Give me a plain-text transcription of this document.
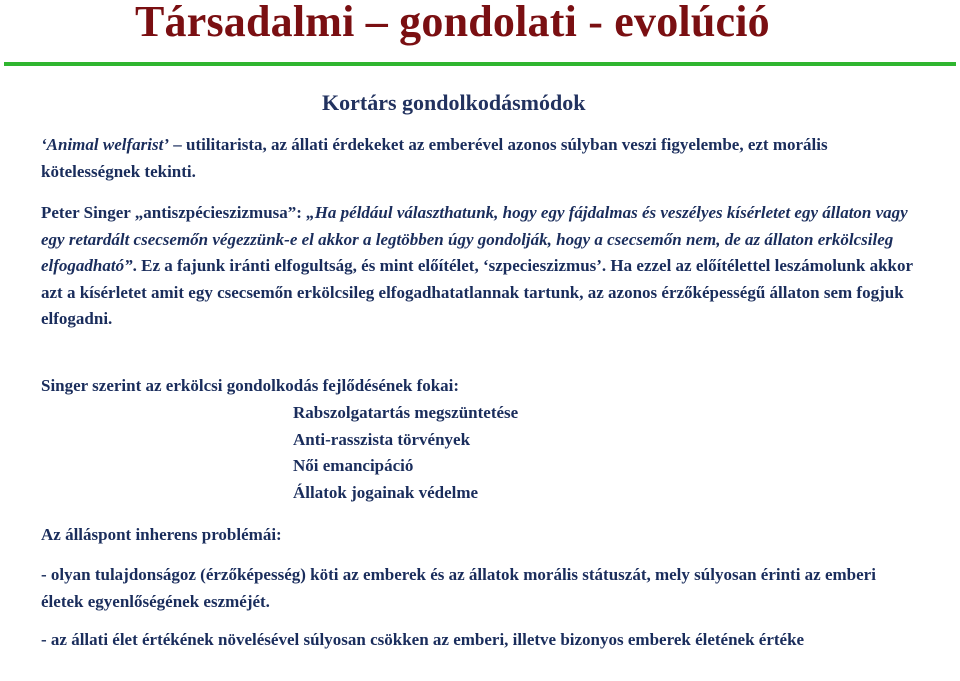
Társadalmi – gondolati - evolúció
Kortárs gondolkodásmódok
‘Animal welfarist’ – utilitarista, az állati érdekeket az emberével azonos súlyban veszi figyelembe, ezt morális kötelességnek tekinti.
Peter Singer „antiszpécieszizmusa”: „Ha például választhatunk, hogy egy fájdalmas és veszélyes kísérletet egy állaton vagy egy retardált csecsemőn végezzünk-e el akkor a legtöbben úgy gondolják, hogy a csecsemőn nem, de az állaton erkölcsileg elfogadható”. Ez a fajunk iránti elfogultság, és mint előítélet, ‘szpecieszizmus’. Ha ezzel az előítélettel leszámolunk akkor azt a kísérletet amit egy csecsemőn erkölcsileg elfogadhatatlannak tartunk, az azonos érzőképességű állaton sem fogjuk elfogadni.
Singer szerint az erkölcsi gondolkodás fejlődésének fokai:
Rabszolgatartás megszüntetése
Anti-rasszista törvények
Női emancipáció
Állatok jogainak védelme
Az álláspont inherens problémái:
- olyan tulajdonságoz (érzőképesség) köti az emberek és az állatok morális státuszát, mely súlyosan érinti az emberi életek egyenlőségének eszméjét.
- az állati élet értékének növelésével súlyosan csökken az emberi, illetve bizonyos emberek életének értéke
